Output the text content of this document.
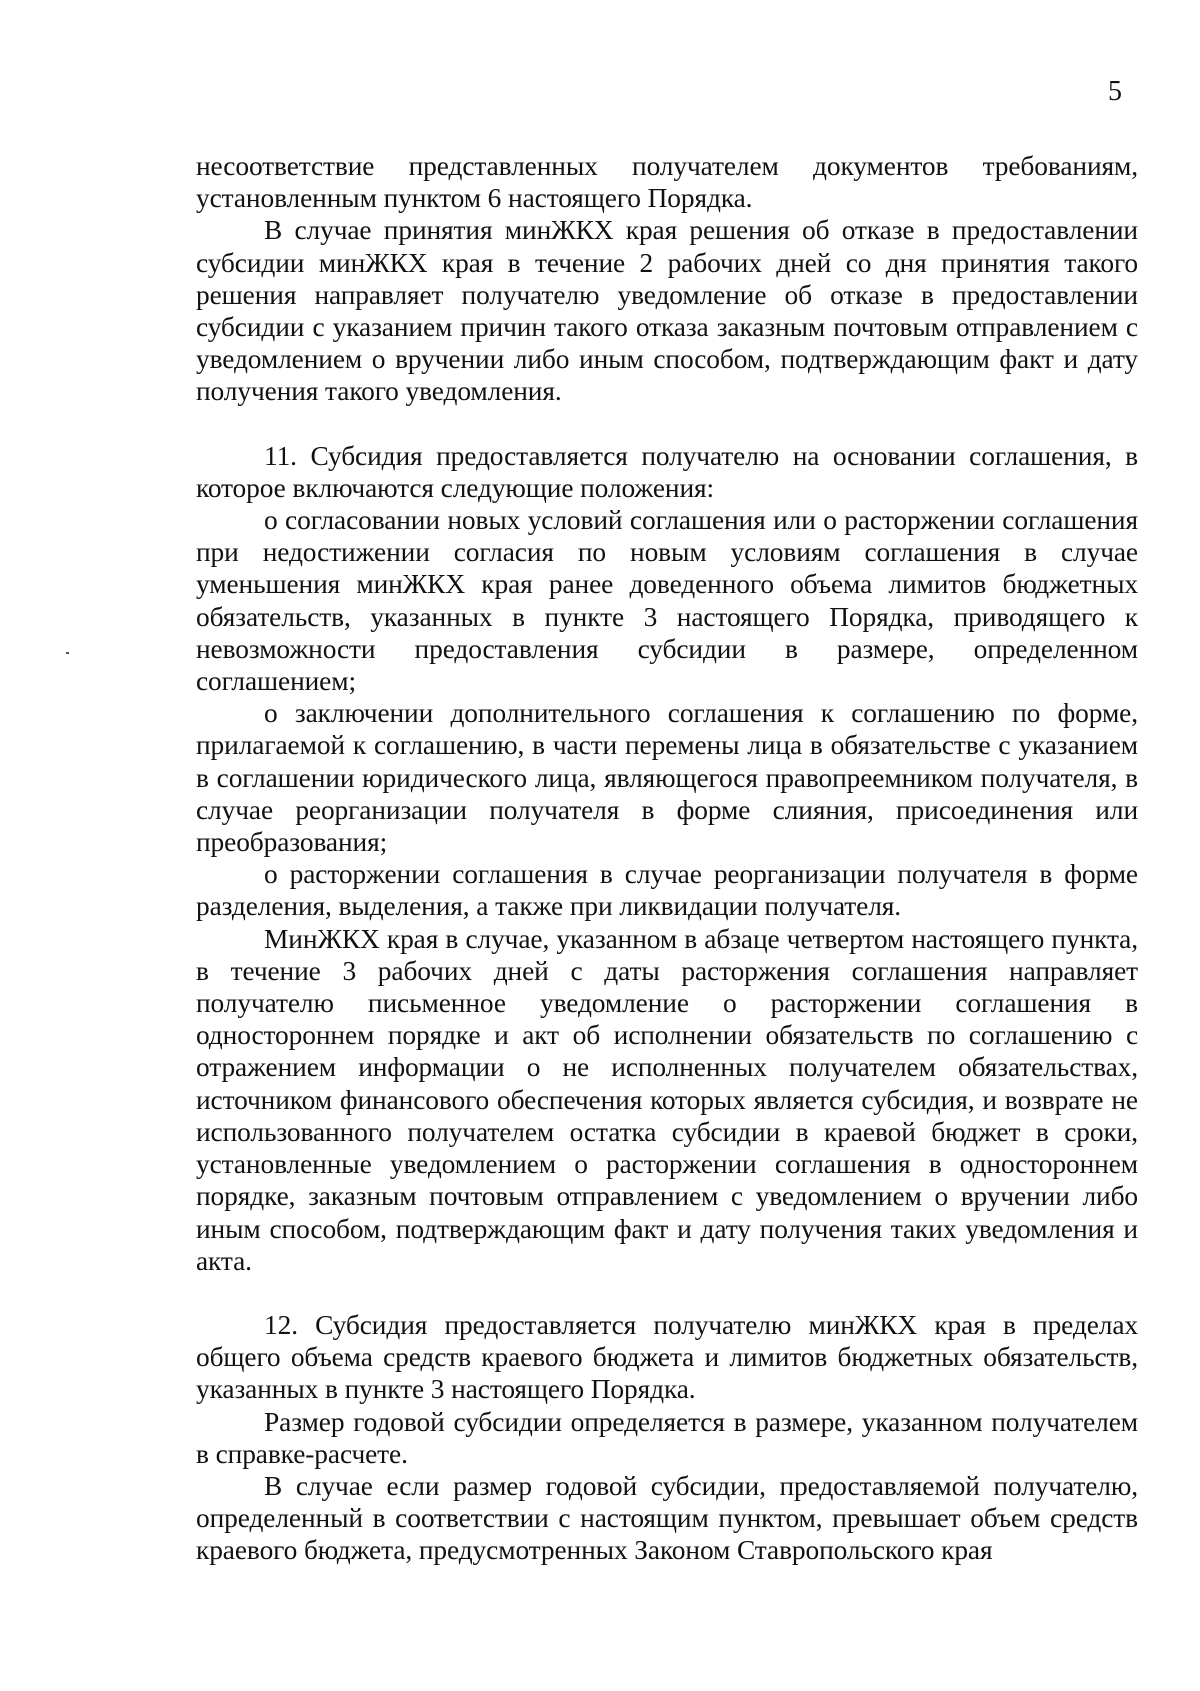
5

несоответствие представленных получателем документов требованиям, установленным пунктом 6 настоящего Порядка.

В случае принятия минЖКХ края решения об отказе в предоставлении субсидии минЖКХ края в течение 2 рабочих дней со дня принятия такого решения направляет получателю уведомление об отказе в предоставлении субсидии с указанием причин такого отказа заказным почтовым отправлением с уведомлением о вручении либо иным способом, подтверждающим факт и дату получения такого уведомления.

11. Субсидия предоставляется получателю на основании соглашения, в которое включаются следующие положения:

о согласовании новых условий соглашения или о расторжении соглашения при недостижении согласия по новым условиям соглашения в случае уменьшения минЖКХ края ранее доведенного объема лимитов бюджетных обязательств, указанных в пункте 3 настоящего Порядка, приводящего к невозможности предоставления субсидии в размере, определенном соглашением;

о заключении дополнительного соглашения к соглашению по форме, прилагаемой к соглашению, в части перемены лица в обязательстве с указанием в соглашении юридического лица, являющегося правопреемником получателя, в случае реорганизации получателя в форме слияния, присоединения или преобразования;

о расторжении соглашения в случае реорганизации получателя в форме разделения, выделения, а также при ликвидации получателя.

МинЖКХ края в случае, указанном в абзаце четвертом настоящего пункта, в течение 3 рабочих дней с даты расторжения соглашения направляет получателю письменное уведомление о расторжении соглашения в одностороннем порядке и акт об исполнении обязательств по соглашению с отражением информации о не исполненных получателем обязательствах, источником финансового обеспечения которых является субсидия, и возврате не использованного получателем остатка субсидии в краевой бюджет в сроки, установленные уведомлением о расторжении соглашения в одностороннем порядке, заказным почтовым отправлением с уведомлением о вручении либо иным способом, подтверждающим факт и дату получения таких уведомления и акта.

12. Субсидия предоставляется получателю минЖКХ края в пределах общего объема средств краевого бюджета и лимитов бюджетных обязательств, указанных в пункте 3 настоящего Порядка.

Размер годовой субсидии определяется в размере, указанном получателем в справке-расчете.

В случае если размер годовой субсидии, предоставляемой получателю, определенный в соответствии с настоящим пунктом, превышает объем средств краевого бюджета, предусмотренных Законом Ставропольского края
